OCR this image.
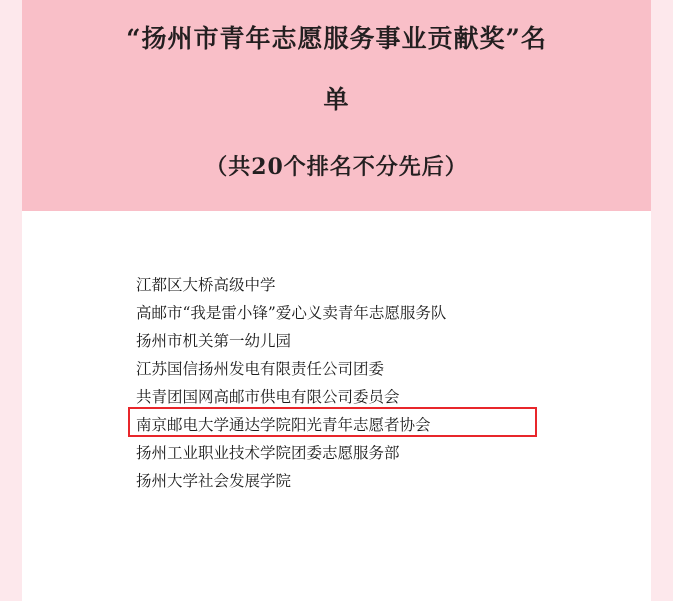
“扬州市青年志愿服务事业贡献奖”名
单
（共20个排名不分先后）
江都区大桥高级中学
高邮市“我是雷小锋”爱心义卖青年志愿服务队
扬州市机关第一幼儿园
江苏国信扬州发电有限责任公司团委
共青团国网高邮市供电有限公司委员会
南京邮电大学通达学院阳光青年志愿者协会
扬州工业职业技术学院团委志愿服务部
扬州大学社会发展学院
